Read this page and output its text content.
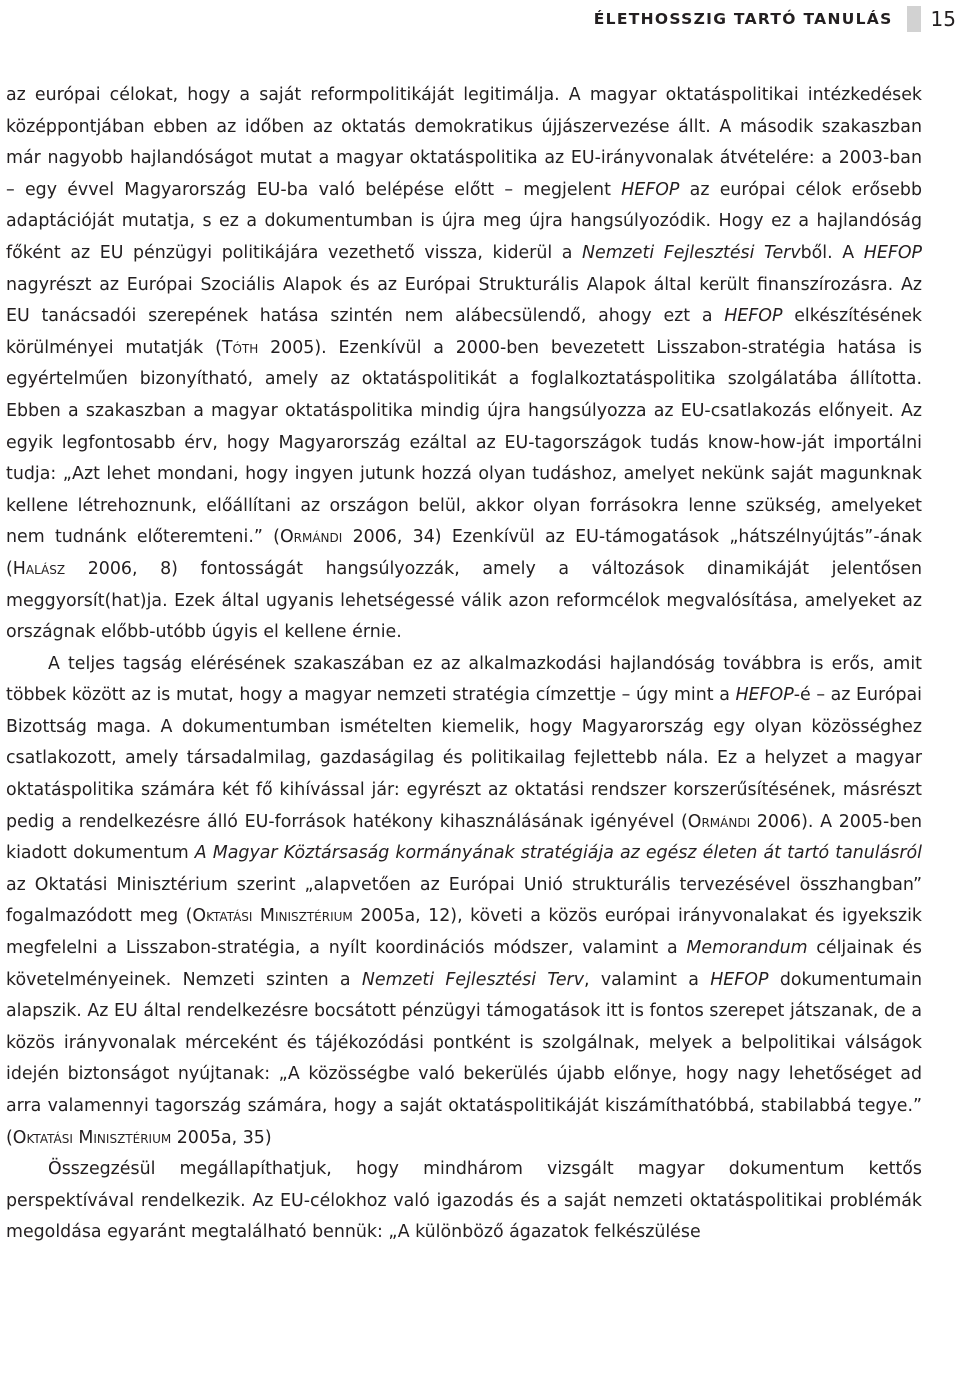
ÉLETHOSSZIG TARTÓ TANULÁS 15

az európai célokat, hogy a saját reformpolitikáját legitimálja. A magyar oktatáspolitikai intézkedések középpontjában ebben az időben az oktatás demokratikus újjászervezése állt. A második szakaszban már nagyobb hajlandóságot mutat a magyar oktatáspolitika az EU-irányvonalak átvételére: a 2003-ban – egy évvel Magyarország EU-ba való belépése előtt – megjelent HEFOP az európai célok erősebb adaptációját mutatja, s ez a dokumentumban is újra meg újra hangsúlyozódik. Hogy ez a hajlandóság főként az EU pénzügyi politikájára vezethető vissza, kiderül a Nemzeti Fejlesztési Tervből. A HEFOP nagyrészt az Európai Szociális Alapok és az Európai Strukturális Alapok által került finanszírozásra. Az EU tanácsadói szerepének hatása szintén nem alábecsülendő, ahogy ezt a HEFOP elkészítésének körülményei mutatják (Tóth 2005). Ezenkívül a 2000-ben bevezetett Lisszabon-stratégia hatása is egyértelműen bizonyítható, amely az oktatáspolitikát a foglalkoztatáspolitika szolgálatába állította. Ebben a szakaszban a magyar oktatáspolitika mindig újra hangsúlyozza az EU-csatlakozás előnyeit. Az egyik legfontosabb érv, hogy Magyarország ezáltal az EU-tagországok tudás know-how-ját importálni tudja: „Azt lehet mondani, hogy ingyen jutunk hozzá olyan tudáshoz, amelyet nekünk saját magunknak kellene létrehoznunk, előállítani az országon belül, akkor olyan forrásokra lenne szükség, amelyeket nem tudnánk előteremteni.” (Ormándi 2006, 34) Ezenkívül az EU-támogatások „hátszélnyújtás”-ának (Halász 2006, 8) fontosságát hangsúlyozzák, amely a változások dinamikáját jelentősen meggyorsít(hat)ja. Ezek által ugyanis lehetségessé válik azon reformcélok megvalósítása, amelyeket az országnak előbb-utóbb úgyis el kellene érnie.

A teljes tagság elérésének szakaszában ez az alkalmazkodási hajlandóság továbbra is erős, amit többek között az is mutat, hogy a magyar nemzeti stratégia címzettje – úgy mint a HEFOP-é – az Európai Bizottság maga. A dokumentumban ismételten kiemelik, hogy Magyarország egy olyan közösséghez csatlakozott, amely társadalmilag, gazdaságilag és politikailag fejlettebb nála. Ez a helyzet a magyar oktatáspolitika számára két fő kihívással jár: egyrészt az oktatási rendszer korszerűsítésének, másrészt pedig a rendelkezésre álló EU-források hatékony kihasználásának igényével (Ormándi 2006). A 2005-ben kiadott dokumentum A Magyar Köztársaság kormányának stratégiája az egész életen át tartó tanulásról az Oktatási Minisztérium szerint „alapvetően az Európai Unió strukturális tervezésével összhangban” fogalmazódott meg (Oktatási Minisztérium 2005a, 12), követi a közös európai irányvonalakat és igyekszik megfelelni a Lisszabon-stratégia, a nyílt koordinációs módszer, valamint a Memorandum céljainak és követelményeinek. Nemzeti szinten a Nemzeti Fejlesztési Terv, valamint a HEFOP dokumentumain alapszik. Az EU által rendelkezésre bocsátott pénzügyi támogatások itt is fontos szerepet játszanak, de a közös irányvonalak mérceként és tájékozódási pontként is szolgálnak, melyek a belpolitikai válságok idején biztonságot nyújtanak: „A közösségbe való bekerülés újabb előnye, hogy nagy lehetőséget ad arra valamennyi tagország számára, hogy a saját oktatáspolitikáját kiszámíthatóbbá, stabilabbá tegye.” (Oktatási Minisztérium 2005a, 35)

Összegzésül megállapíthatjuk, hogy mindhárom vizsgált magyar dokumentum kettős perspektívával rendelkezik. Az EU-célokhoz való igazodás és a saját nemzeti oktatáspolitikai problémák megoldása egyaránt megtalálható bennük: „A különböző ágazatok felkészülése
